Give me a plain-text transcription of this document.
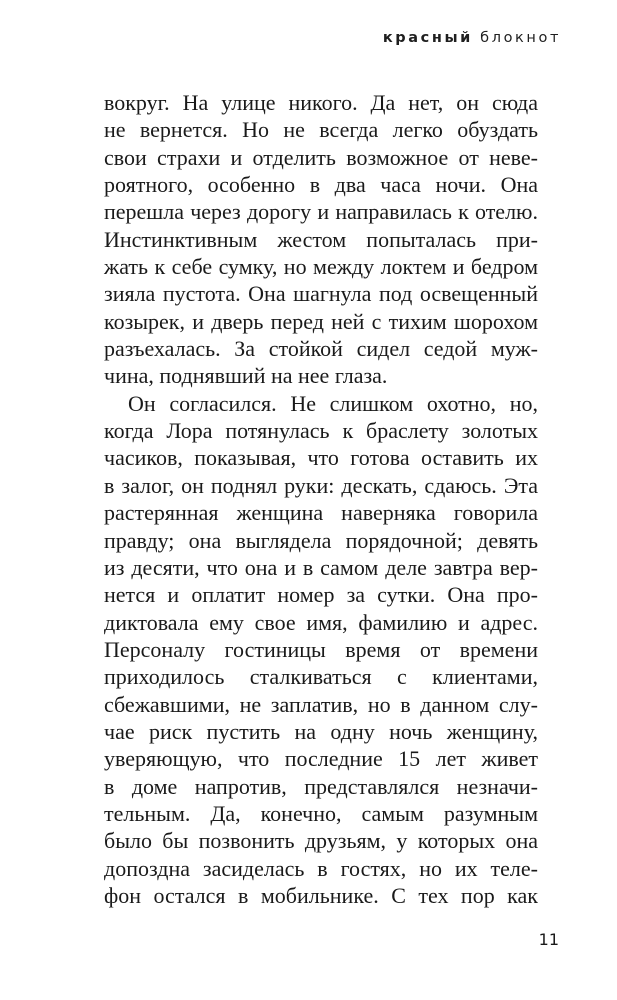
красный блокнот
вокруг. На улице никого. Да нет, он сюда
не вернется. Но не всегда легко обуздать
свои страхи и отделить возможное от неве-
роятного, особенно в два часа ночи. Она
перешла через дорогу и направилась к отелю.
Инстинктивным жестом попыталась при-
жать к себе сумку, но между локтем и бедром
зияла пустота. Она шагнула под освещенный
козырек, и дверь перед ней с тихим шорохом
разъехалась. За стойкой сидел седой муж-
чина, поднявший на нее глаза.
Он согласился. Не слишком охотно, но,
когда Лора потянулась к браслету золотых
часиков, показывая, что готова оставить их
в залог, он поднял руки: дескать, сдаюсь. Эта
растерянная женщина наверняка говорила
правду; она выглядела порядочной; девять
из десяти, что она и в самом деле завтра вер-
нется и оплатит номер за сутки. Она про-
диктовала ему свое имя, фамилию и адрес.
Персоналу гостиницы время от времени
приходилось сталкиваться с клиентами,
сбежавшими, не заплатив, но в данном слу-
чае риск пустить на одну ночь женщину,
уверяющую, что последние 15 лет живет
в доме напротив, представлялся незначи-
тельным. Да, конечно, самым разумным
было бы позвонить друзьям, у которых она
допоздна засиделась в гостях, но их теле-
фон остался в мобильнике. С тех пор как
11
